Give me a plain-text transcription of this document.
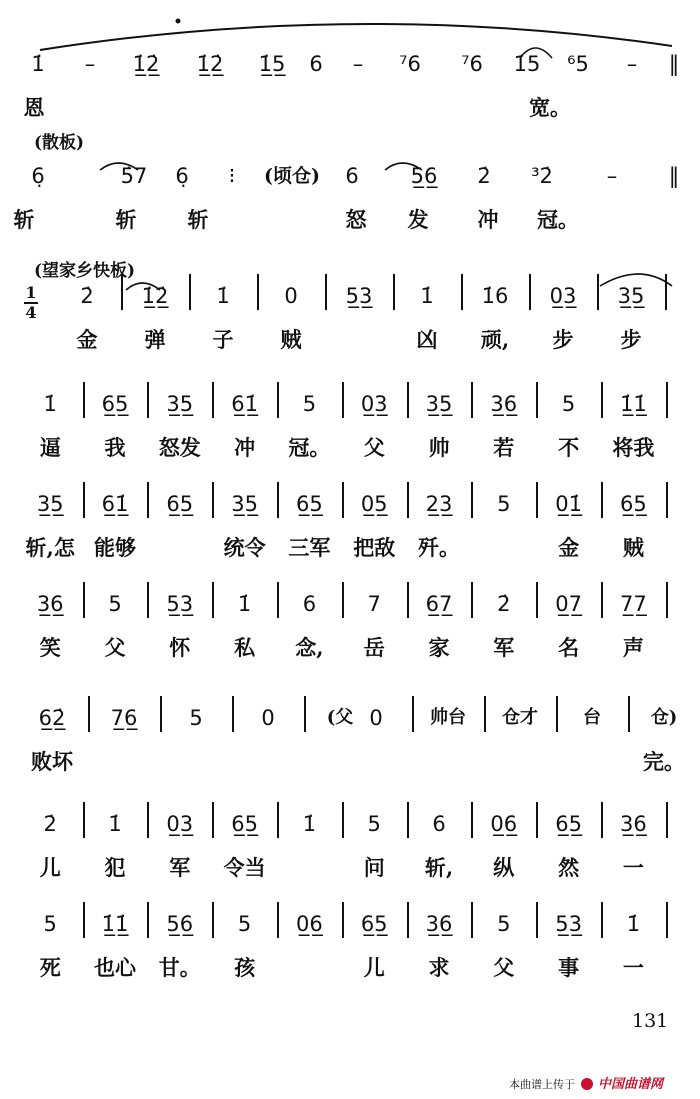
1̇ – 1̲̇2̲̇ 1̲̇2̲̇ 1̲̇5̲ 6 – ⁷6 ⁷6 1̇5 ⁶5 – ‖
恩	宽。
(散板)
6̣	5̇7 6̣ ⁝ (顷仓) 6 5̲6̲ 2̇ ³2̇	– ‖
斩	斩 斩	怒 发 冲 冠。
(望家乡快板)
1
4
2̇ 1̲̇2̲̇ 1̇	0 5̲3̲ 1̇ 1̇6 0̲3̲ 3̲5̲
金 弹 子 贼	凶 顽, 步 步
1̇ 6̲5̲ 3̲5̲ 6̲1̲̇ 5 0̲3̲ 3̲5̲ 3̲6̲ 5 1̲̇1̲̇
逼 我 怒发 冲 冠。 父 帅 若 不 将我
3̲5̲ 6̲1̲̇ 6̲5̲ 3̲5̲ 6̲5̲ 0̲5̲ 2̲3̲ 5 0̲1̲̇ 6̲5̲
斩,怎 能够	统令 三军 把敌 歼。	金 贼
3̲6̲ 5 5̲3̲ 1̇ 6 7 6̲7̲ 2̇ 0̲7̲ 7̲7̲
笑 父 怀 私 念, 岳 家 军 名 声
6̲2̲̇ 7̲6̲ 5	0	(父 0	帅台 仓才	台	仓)
败坏	完。
2̇ 1̇ 0̲3̲ 6̲5̲ 1̇ 5 6 0̲6̲ 6̲5̲ 3̲6̲
儿 犯 军 令当	问 斩, 纵 然 一
5 1̲̇1̲̇ 5̲6̲ 5 0̲6̲ 6̲5̲ 3̲6̲ 5 5̲3̲ 1̇
死 也心 甘。 孩	儿 求 父 事 一
131
本曲谱上传于 中国曲谱网
